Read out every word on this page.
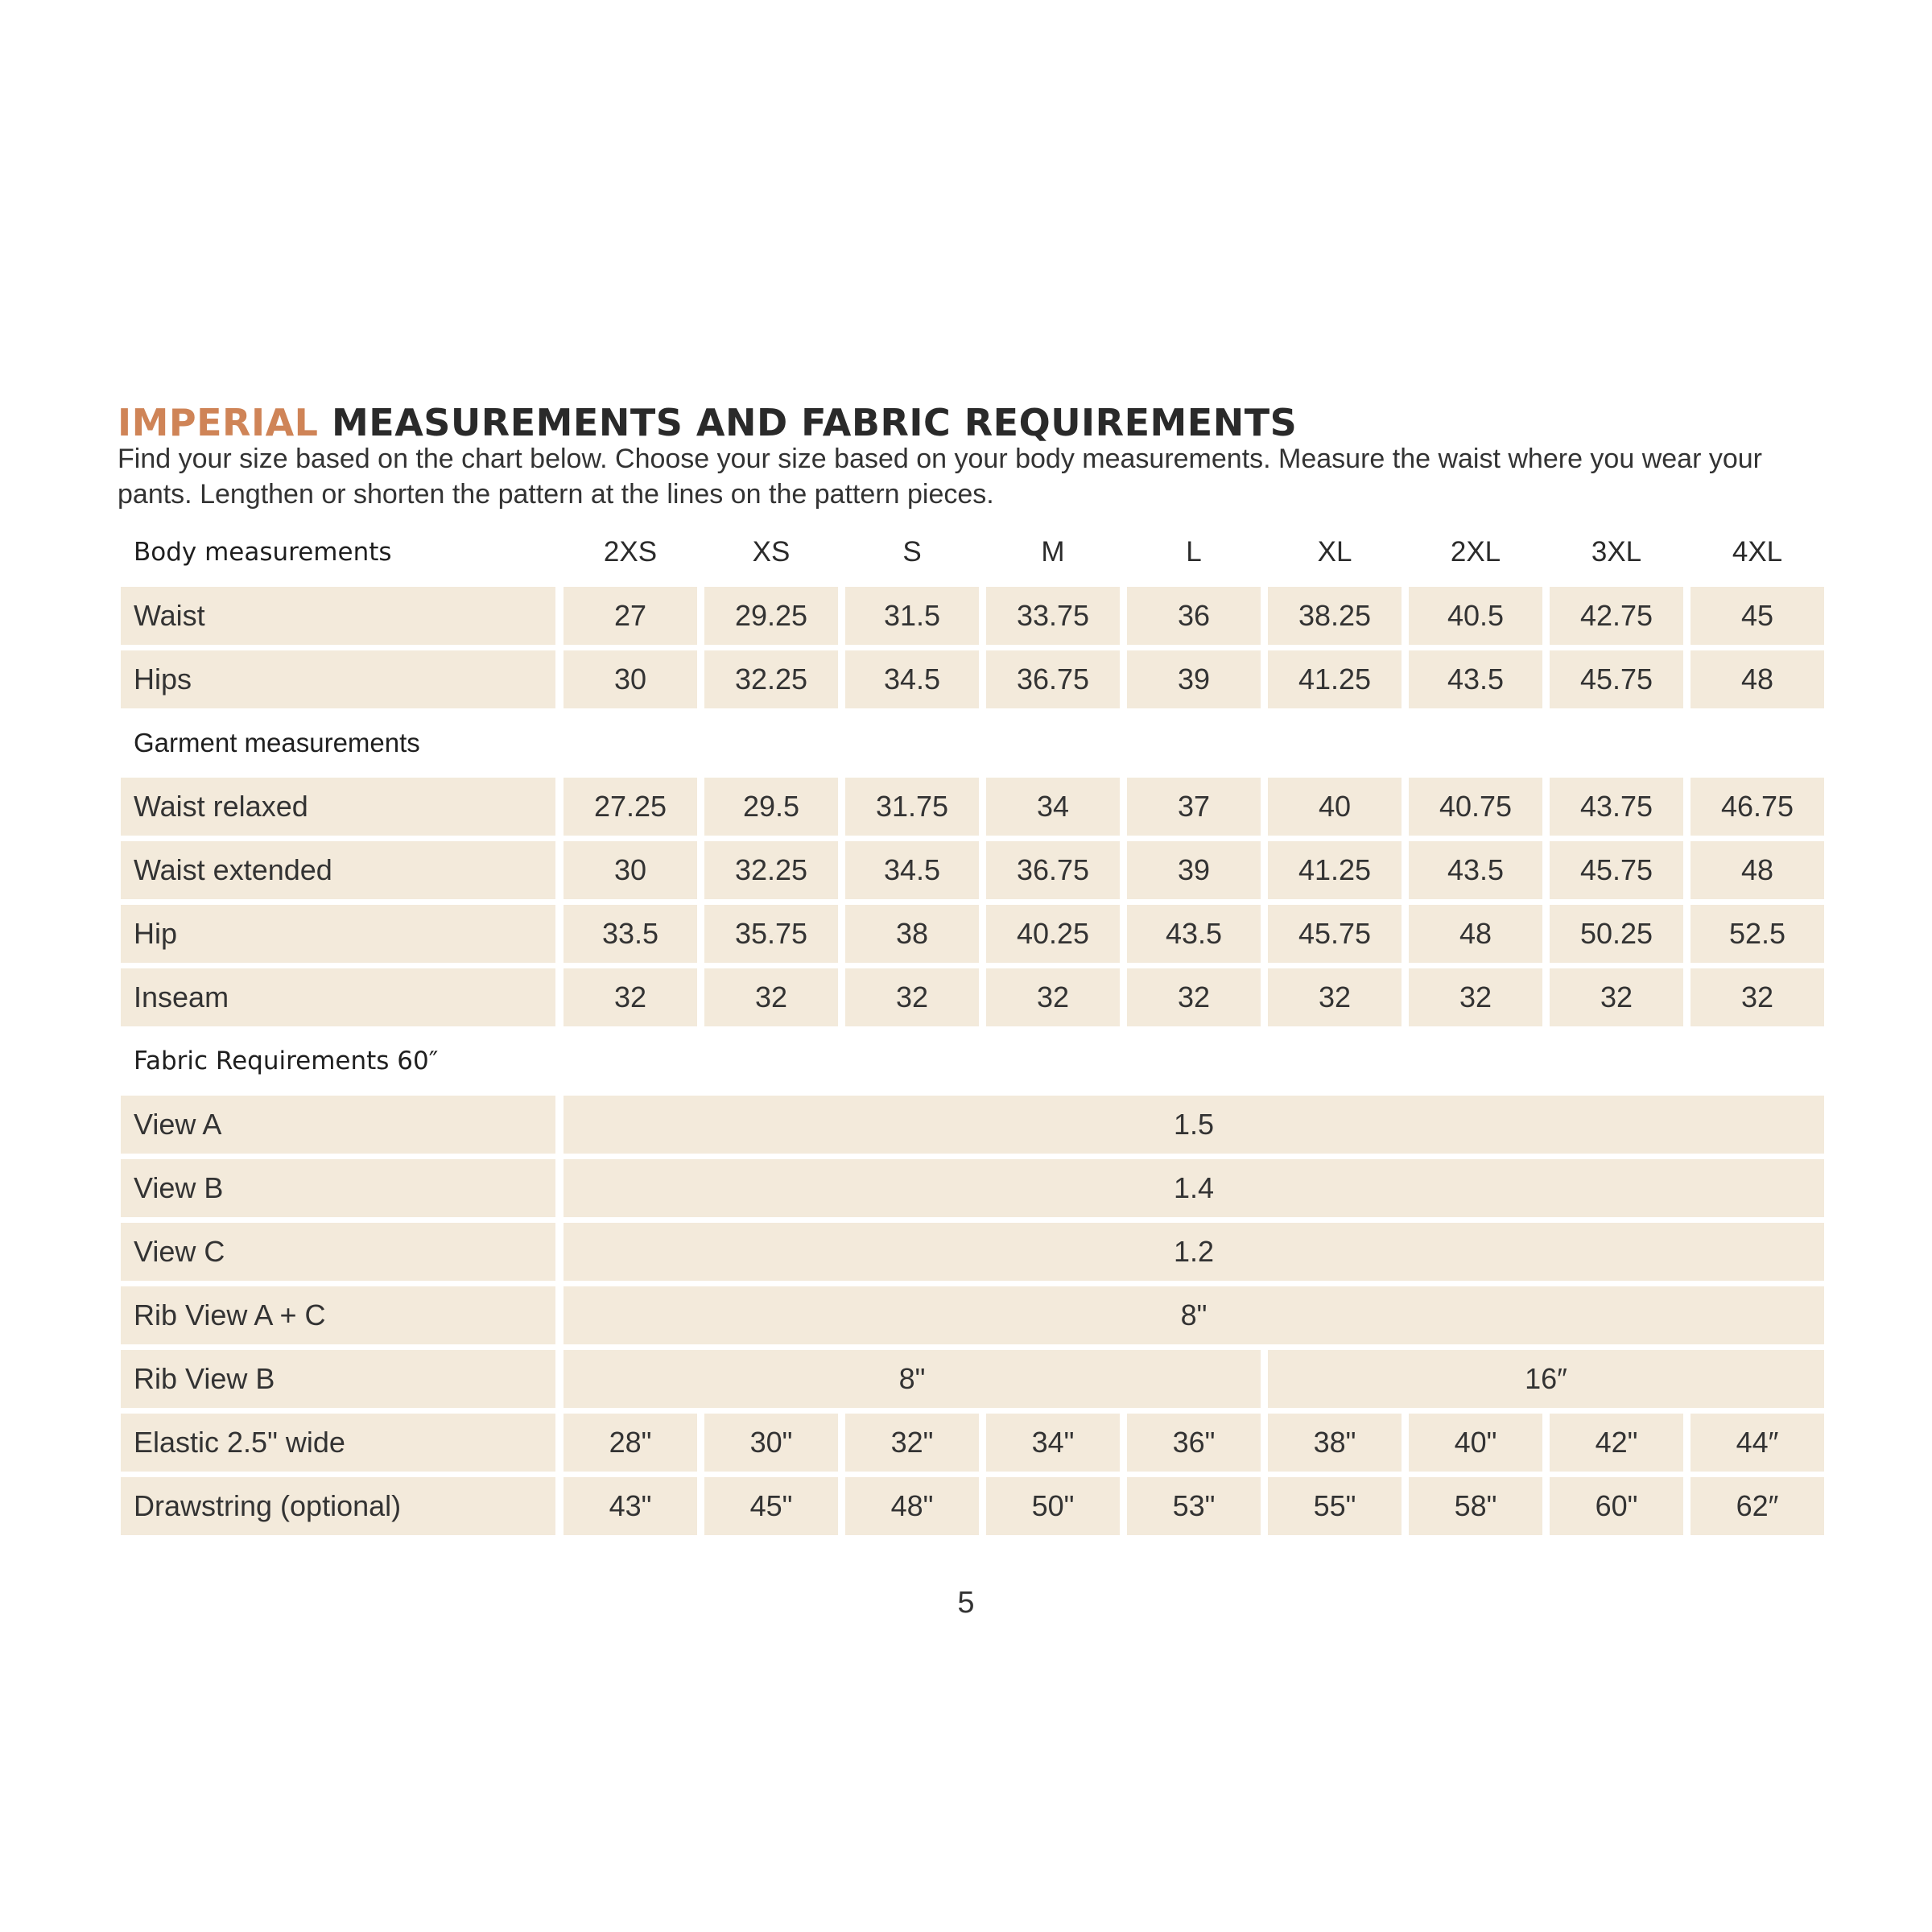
IMPERIAL MEASUREMENTS AND FABRIC REQUIREMENTS

Find your size based on the chart below. Choose your size based on your body measurements. Measure the waist where you wear your pants. Lengthen or shorten the pattern at the lines on the pattern pieces.

Body measurements	2XS	XS	S	M	L	XL	2XL	3XL	4XL
Waist	27	29.25	31.5	33.75	36	38.25	40.5	42.75	45
Hips	30	32.25	34.5	36.75	39	41.25	43.5	45.75	48
Garment measurements
Waist relaxed	27.25	29.5	31.75	34	37	40	40.75	43.75	46.75
Waist extended	30	32.25	34.5	36.75	39	41.25	43.5	45.75	48
Hip	33.5	35.75	38	40.25	43.5	45.75	48	50.25	52.5
Inseam	32	32	32	32	32	32	32	32	32
Fabric Requirements 60″
View A	1.5
View B	1.4
View C	1.2
Rib View A + C	8"
Rib View B	8"	16″
Elastic 2.5" wide	28"	30"	32"	34"	36"	38"	40"	42"	44″
Drawstring (optional)	43"	45"	48"	50"	53"	55"	58"	60"	62″
5
